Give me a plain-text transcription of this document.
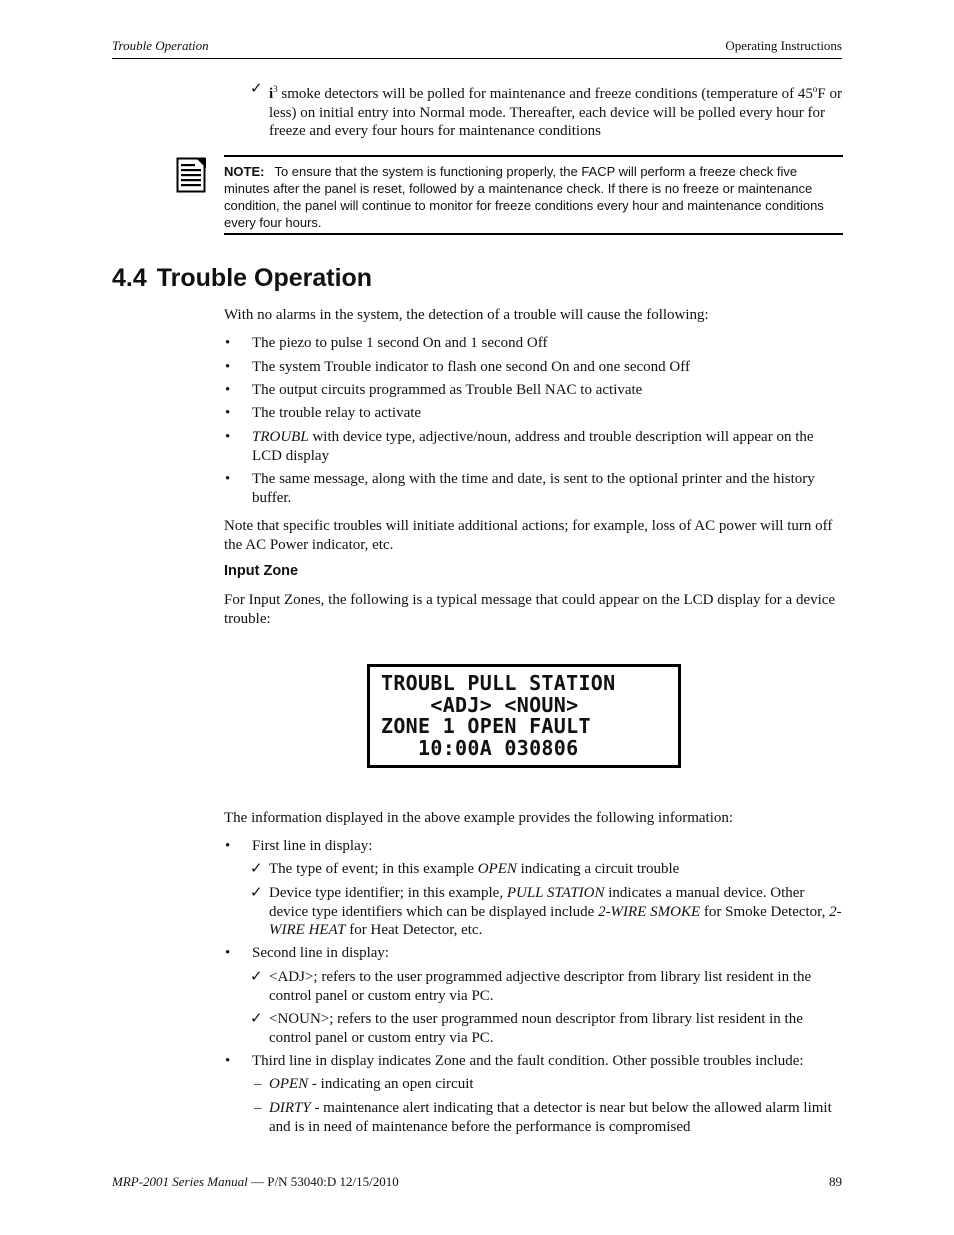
Trouble Operation	Operating Instructions
✓ $i^3$ smoke detectors will be polled for maintenance and freeze conditions (temperature of 45$^o$F or less) on initial entry into Normal mode. Thereafter, each device will be polled every hour for freeze and every four hours for maintenance conditions
NOTE: To ensure that the system is functioning properly, the FACP will perform a freeze check five minutes after the panel is reset, followed by a maintenance check. If there is no freeze or maintenance condition, the panel will continue to monitor for freeze conditions every hour and maintenance conditions every four hours.
4.4 Trouble Operation

With no alarms in the system, the detection of a trouble will cause the following:

• The piezo to pulse 1 second On and 1 second Off
• The system Trouble indicator to flash one second On and one second Off
• The output circuits programmed as Trouble Bell NAC to activate
• The trouble relay to activate
• TROUBL with device type, adjective/noun, address and trouble description will appear on the LCD display
• The same message, along with the time and date, is sent to the optional printer and the history buffer.

Note that specific troubles will initiate additional actions; for example, loss of AC power will turn off the AC Power indicator, etc.

Input Zone

For Input Zones, the following is a typical message that could appear on the LCD display for a device trouble:

TROUBL PULL STATION
<ADJ> <NOUN>
ZONE 1 OPEN FAULT
10:00A 030806

The information displayed in the above example provides the following information:

• First line in display:
✓ The type of event; in this example OPEN indicating a circuit trouble
✓ Device type identifier; in this example, PULL STATION indicates a manual device. Other device type identifiers which can be displayed include 2-WIRE SMOKE for Smoke Detector, 2-WIRE HEAT for Heat Detector, etc.
• Second line in display:
✓ <ADJ>; refers to the user programmed adjective descriptor from library list resident in the control panel or custom entry via PC.
✓ <NOUN>; refers to the user programmed noun descriptor from library list resident in the control panel or custom entry via PC.
• Third line in display indicates Zone and the fault condition. Other possible troubles include:
– OPEN - indicating an open circuit
– DIRTY - maintenance alert indicating that a detector is near but below the allowed alarm limit and is in need of maintenance before the performance is compromised
MRP-2001 Series Manual — P/N 53040:D 12/15/2010	89
